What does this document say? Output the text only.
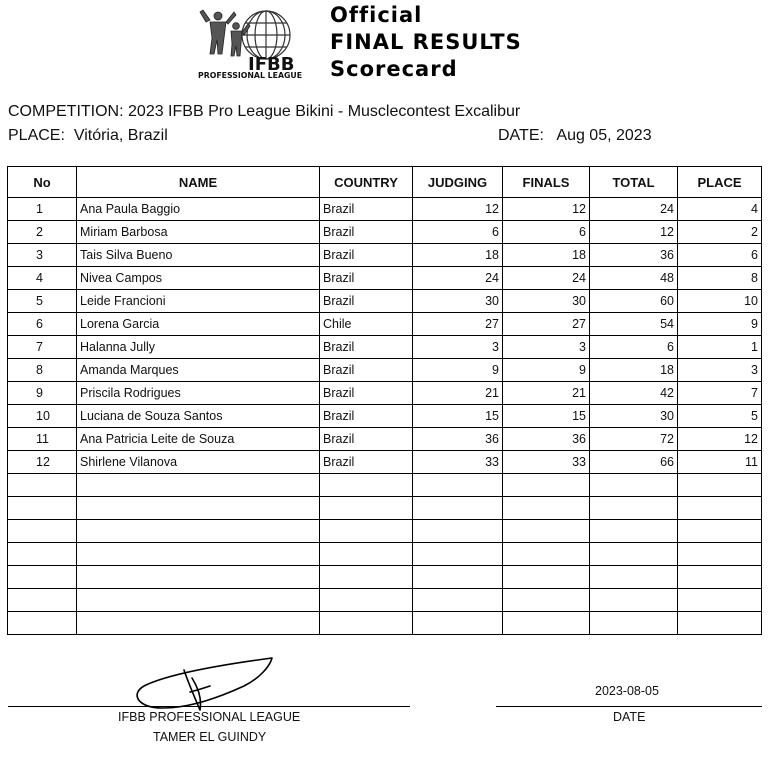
IFBB
PROFESSIONAL LEAGUE
Official
FINAL RESULTS
Scorecard
COMPETITION: 2023 IFBB Pro League Bikini - Musclecontest Excalibur
PLACE: Vitória, Brazil	DATE: Aug 05, 2023
No	NAME	COUNTRY	JUDGING	FINALS	TOTAL	PLACE
1	Ana Paula Baggio	Brazil	12	12	24	4
2	Miriam Barbosa	Brazil	6	6	12	2
3	Tais Silva Bueno	Brazil	18	18	36	6
4	Nivea Campos	Brazil	24	24	48	8
5	Leide Francioni	Brazil	30	30	60	10
6	Lorena Garcia	Chile	27	27	54	9
7	Halanna Jully	Brazil	3	3	6	1
8	Amanda Marques	Brazil	9	9	18	3
9	Priscila Rodrigues	Brazil	21	21	42	7
10	Luciana de Souza Santos	Brazil	15	15	30	5
11	Ana Patricia Leite de Souza	Brazil	36	36	72	12
12	Shirlene Vilanova	Brazil	33	33	66	11

IFBB PROFESSIONAL LEAGUE
TAMER EL GUINDY
2023-08-05
DATE
